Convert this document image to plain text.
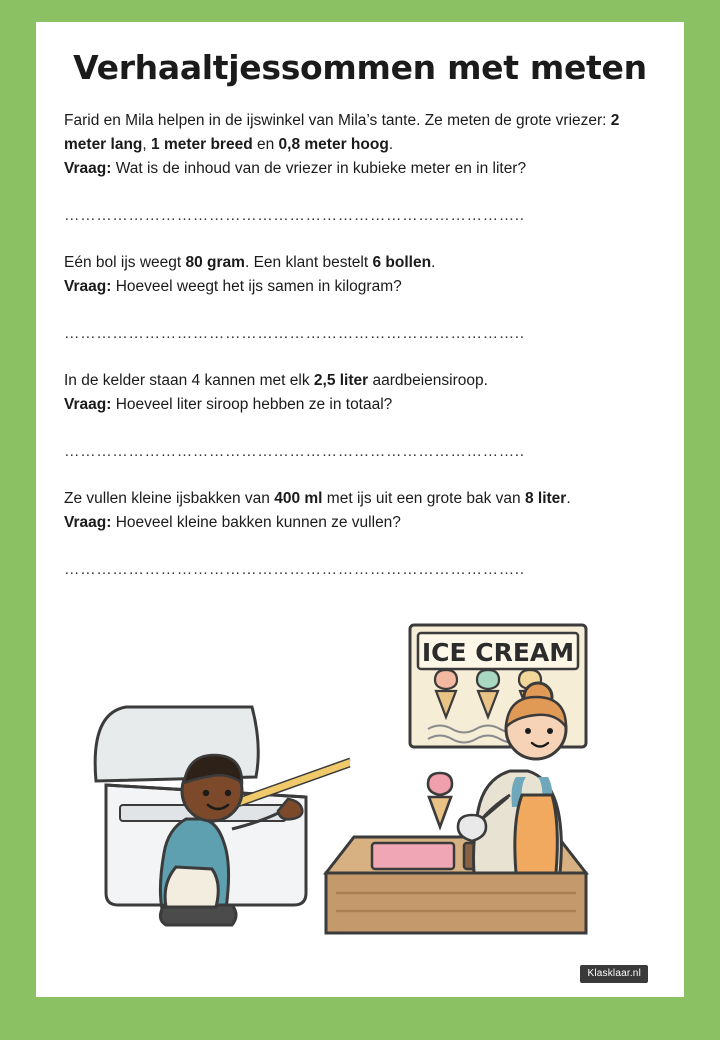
Verhaaltjessommen met meten

Farid en Mila helpen in de ijswinkel van Mila’s tante. Ze meten de grote vriezer: 2 meter lang, 1 meter breed en 0,8 meter hoog.

Vraag: Wat is de inhoud van de vriezer in kubieke meter en in liter?

…………………………………………………………………………..

Eén bol ijs weegt 80 gram. Een klant bestelt 6 bollen.

Vraag: Hoeveel weegt het ijs samen in kilogram?

…………………………………………………………………………..

In de kelder staan 4 kannen met elk 2,5 liter aardbeiensiroop.

Vraag: Hoeveel liter siroop hebben ze in totaal?

…………………………………………………………………………..

Ze vullen kleine ijsbakken van 400 ml met ijs uit een grote bak van 8 liter.

Vraag: Hoeveel kleine bakken kunnen ze vullen?

…………………………………………………………………………..
ICE CREAM
Klasklaar.nl
